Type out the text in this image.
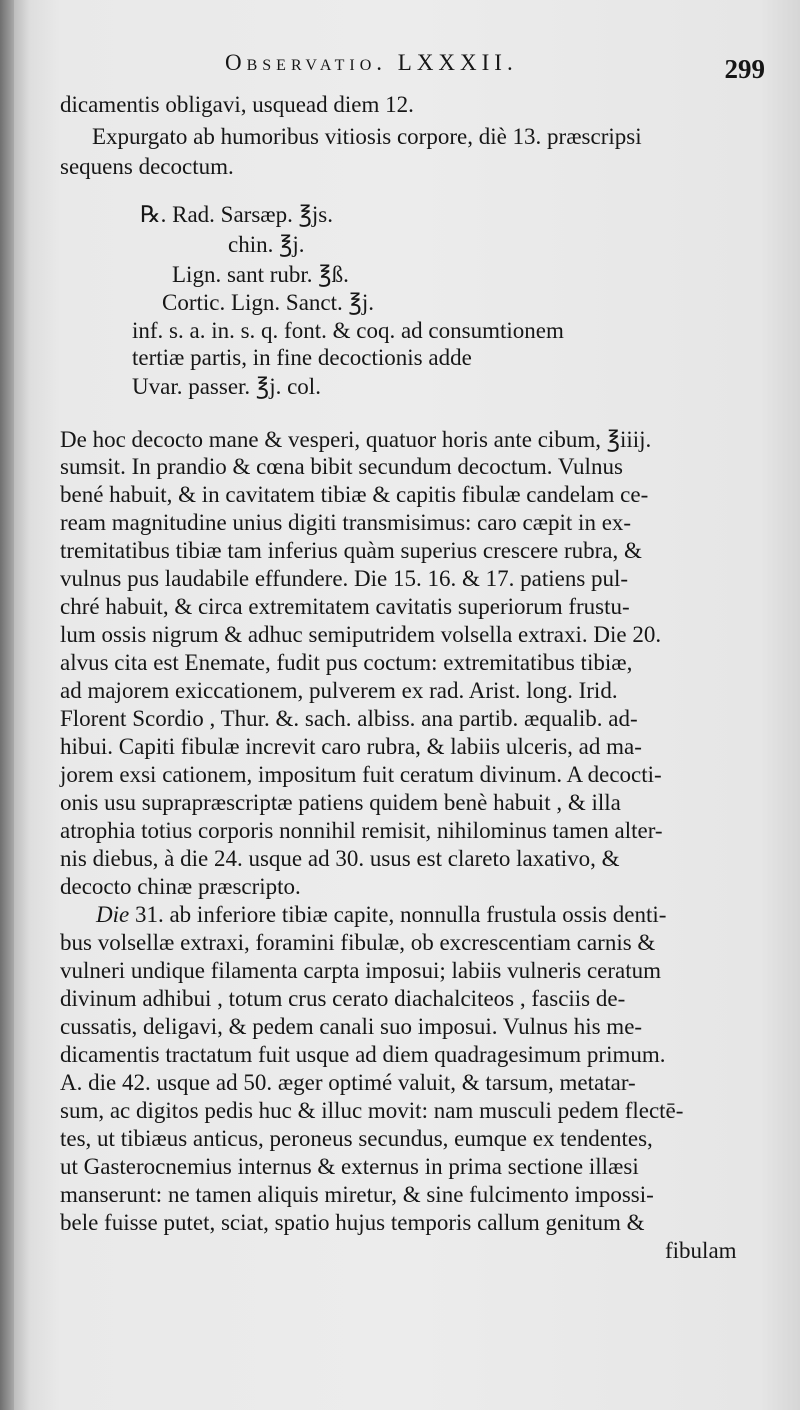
Observatio. LXXXII.	299
dicamentis obligavi, usquead diem 12.
Expurgato ab humoribus vitiosis corpore, diè 13. præscripsi
sequens decoctum.
℞. Rad. Sarsæp. ℥js.
chin. ℥j.
Lign. sant rubr. ℥ß.
Cortic. Lign. Sanct. ℥j.
inf. s. a. in. s. q. font. & coq. ad consumtionem
tertiæ partis, in fine decoctionis adde
Uvar. passer. ℥j. col.
De hoc decocto mane & vesperi, quatuor horis ante cibum, ℥iiij.
sumsit. In prandio & cœna bibit secundum decoctum. Vulnus
bené habuit, & in cavitatem tibiæ & capitis fibulæ candelam ce-
ream magnitudine unius digiti transmisimus: caro cæpit in ex-
tremitatibus tibiæ tam inferius quàm superius crescere rubra, &
vulnus pus laudabile effundere. Die 15. 16. & 17. patiens pul-
chré habuit, & circa extremitatem cavitatis superiorum frustu-
lum ossis nigrum & adhuc semiputridem volsella extraxi. Die 20.
alvus cita est Enemate, fudit pus coctum: extremitatibus tibiæ,
ad majorem exiccationem, pulverem ex rad. Arist. long. Irid.
Florent Scordio , Thur. &. sach. albiss. ana partib. æqualib. ad-
hibui. Capiti fibulæ increvit caro rubra, & labiis ulceris, ad ma-
jorem exsi cationem, impositum fuit ceratum divinum. A decocti-
onis usu suprapræscriptæ patiens quidem benè habuit , & illa
atrophia totius corporis nonnihil remisit, nihilominus tamen alter-
nis diebus, à die 24. usque ad 30. usus est clareto laxativo, &
decocto chinæ præscripto.
Die 31. ab inferiore tibiæ capite, nonnulla frustula ossis denti-
bus volsellæ extraxi, foramini fibulæ, ob excrescentiam carnis &
vulneri undique filamenta carpta imposui; labiis vulneris ceratum
divinum adhibui , totum crus cerato diachalciteos , fasciis de-
cussatis, deligavi, & pedem canali suo imposui. Vulnus his me-
dicamentis tractatum fuit usque ad diem quadragesimum primum.
A. die 42. usque ad 50. æger optimé valuit, & tarsum, metatar-
sum, ac digitos pedis huc & illuc movit: nam musculi pedem flectē-
tes, ut tibiæus anticus, peroneus secundus, eumque ex tendentes,
ut Gasterocnemius internus & externus in prima sectione illæsi
manserunt: ne tamen aliquis miretur, & sine fulcimento impossi-
bele fuisse putet, sciat, spatio hujus temporis callum genitum &
fibulam
